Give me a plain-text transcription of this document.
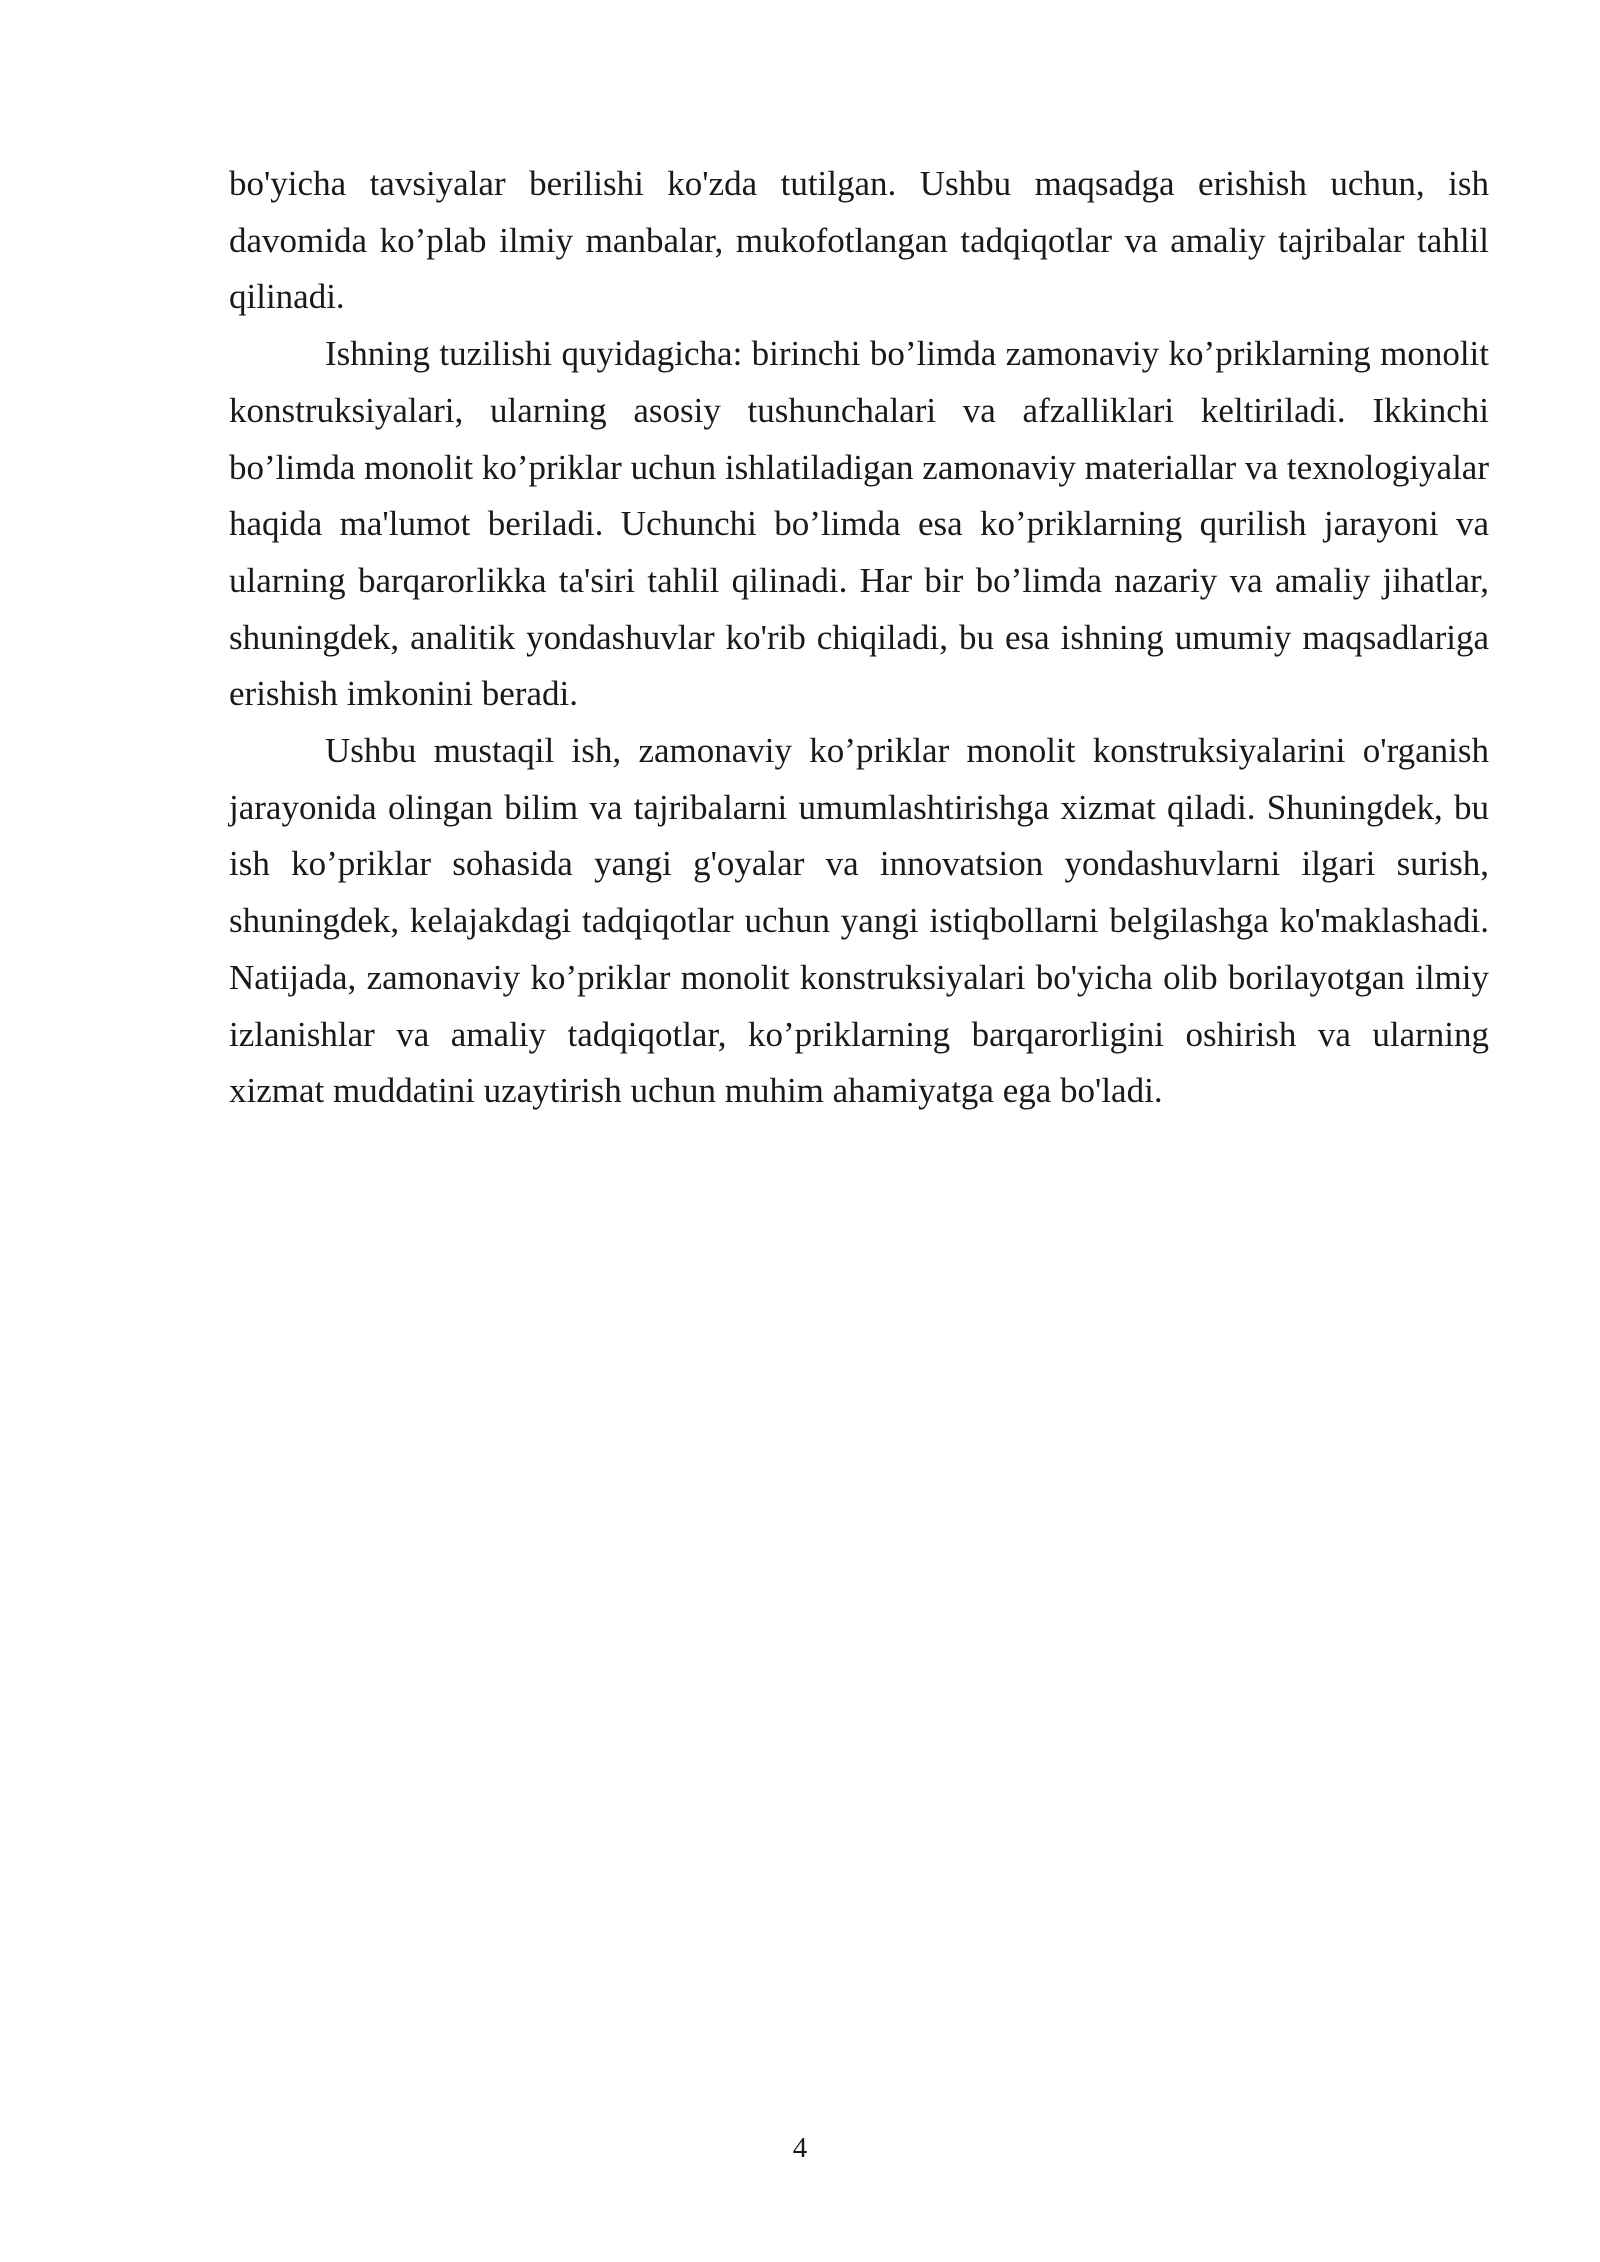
bo'yicha tavsiyalar berilishi ko'zda tutilgan. Ushbu maqsadga erishish uchun, ish davomida ko’plab ilmiy manbalar, mukofotlangan tadqiqotlar va amaliy tajribalar tahlil qilinadi.

Ishning tuzilishi quyidagicha: birinchi bo’limda zamonaviy ko’priklarning monolit konstruksiyalari, ularning asosiy tushunchalari va afzalliklari keltiriladi. Ikkinchi bo’limda monolit ko’priklar uchun ishlatiladigan zamonaviy materiallar va texnologiyalar haqida ma'lumot beriladi. Uchunchi bo’limda esa ko’priklarning qurilish jarayoni va ularning barqarorlikka ta'siri tahlil qilinadi. Har bir bo’limda nazariy va amaliy jihatlar, shuningdek, analitik yondashuvlar ko'rib chiqiladi, bu esa ishning umumiy maqsadlariga erishish imkonini beradi.

Ushbu mustaqil ish, zamonaviy ko’priklar monolit konstruksiyalarini o'rganish jarayonida olingan bilim va tajribalarni umumlashtirishga xizmat qiladi. Shuningdek, bu ish ko’priklar sohasida yangi g'oyalar va innovatsion yondashuvlarni ilgari surish, shuningdek, kelajakdagi tadqiqotlar uchun yangi istiqbollarni belgilashga ko'maklashadi. Natijada, zamonaviy ko’priklar monolit konstruksiyalari bo'yicha olib borilayotgan ilmiy izlanishlar va amaliy tadqiqotlar, ko’priklarning barqarorligini oshirish va ularning xizmat muddatini uzaytirish uchun muhim ahamiyatga ega bo'ladi.

4
